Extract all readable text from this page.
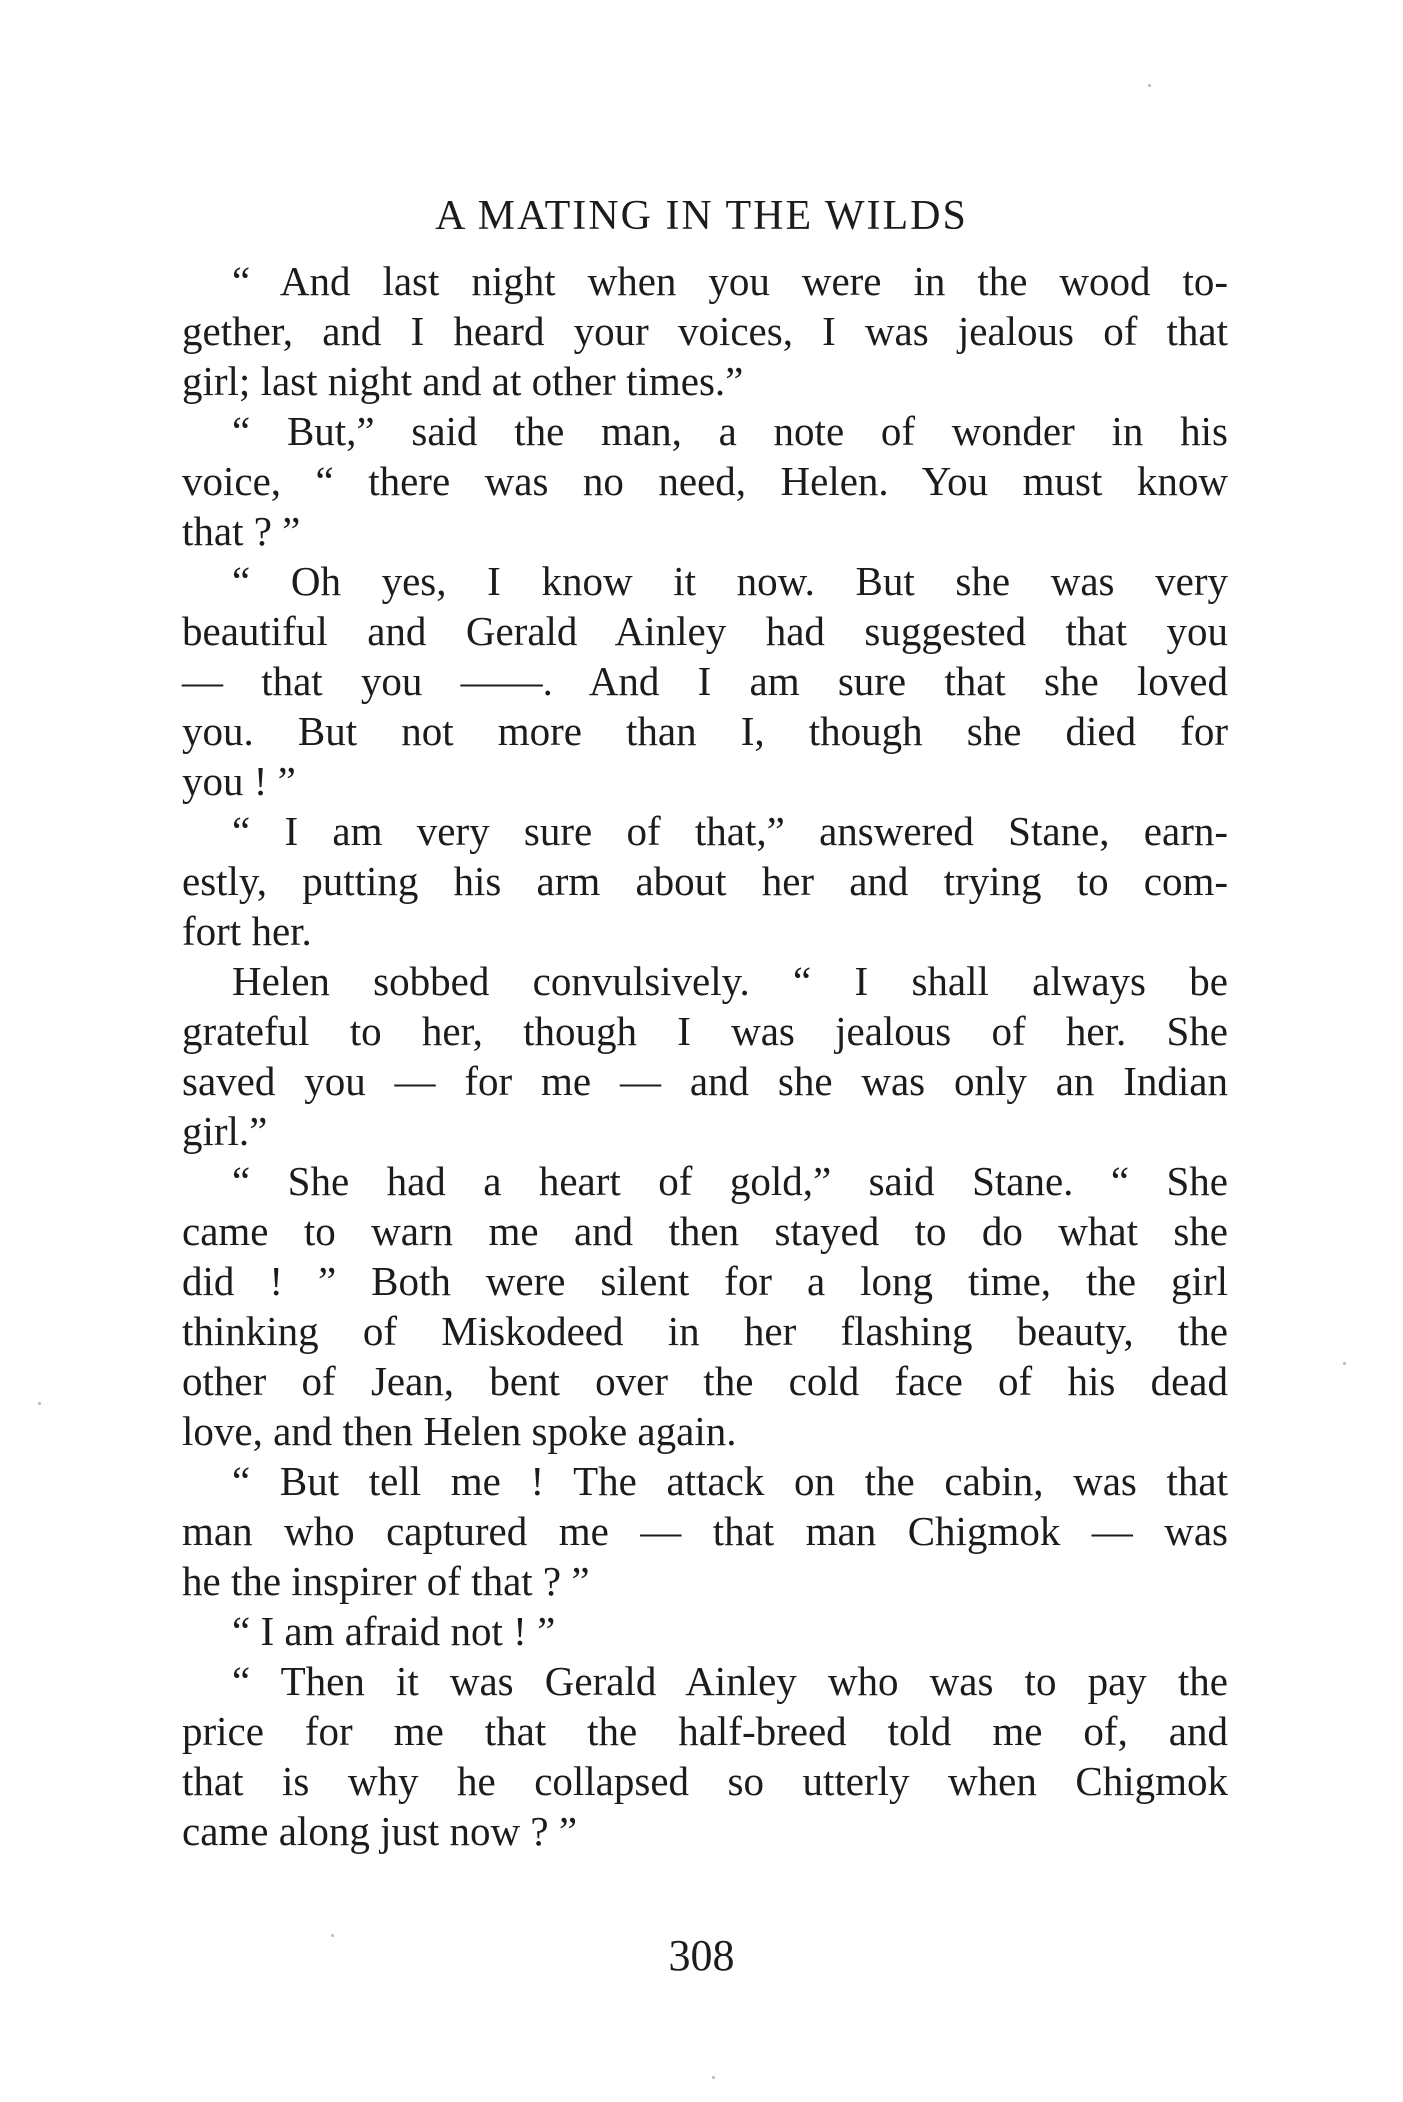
A MATING IN THE WILDS
“ And last night when you were in the wood to-
gether, and I heard your voices, I was jealous of that
girl; last night and at other times.”
“ But,” said the man, a note of wonder in his
voice, “ there was no need, Helen. You must know
that ? ”
“ Oh yes, I know it now. But she was very
beautiful and Gerald Ainley had suggested that you
— that you ——. And I am sure that she loved
you. But not more than I, though she died for
you ! ”
“ I am very sure of that,” answered Stane, earn-
estly, putting his arm about her and trying to com-
fort her.
Helen sobbed convulsively. “ I shall always be
grateful to her, though I was jealous of her. She
saved you — for me — and she was only an Indian
girl.”
“ She had a heart of gold,” said Stane. “ She
came to warn me and then stayed to do what she
did ! ” Both were silent for a long time, the girl
thinking of Miskodeed in her flashing beauty, the
other of Jean, bent over the cold face of his dead
love, and then Helen spoke again.
“ But tell me ! The attack on the cabin, was that
man who captured me — that man Chigmok — was
he the inspirer of that ? ”
“ I am afraid not ! ”
“ Then it was Gerald Ainley who was to pay the
price for me that the half-breed told me of, and
that is why he collapsed so utterly when Chigmok
came along just now ? ”
308
